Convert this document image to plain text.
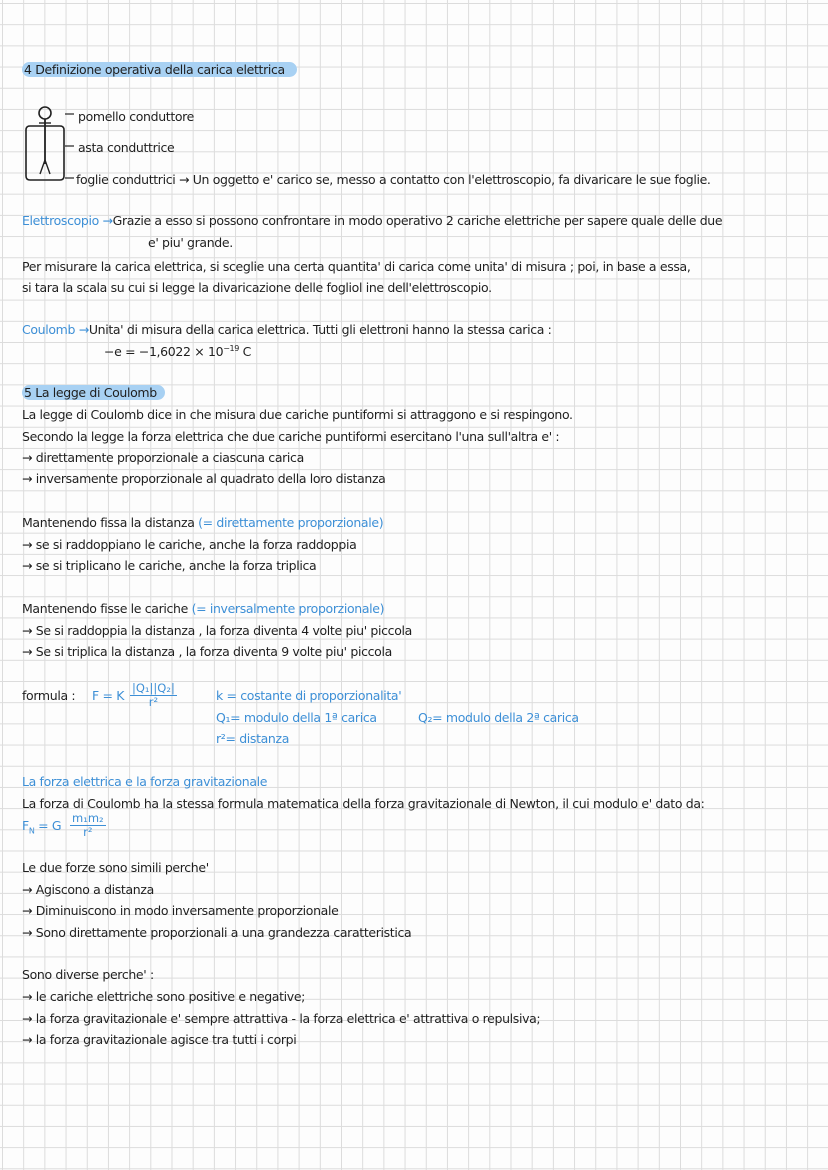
4 Definizione operativa della carica elettrica
pomello conduttore
asta conduttrice
foglie conduttrici → Un oggetto e' carico se, messo a contatto con l'elettroscopio, fa divaricare le sue foglie.
Elettroscopio →Grazie a esso si possono confrontare in modo operativo 2 cariche elettriche per sapere quale delle due
e' piu' grande.
Per misurare la carica elettrica, si sceglie una certa quantita' di carica come unita' di misura ; poi, in base a essa,
si tara la scala su cui si legge la divaricazione delle fogliol ine dell'elettroscopio.
Coulomb →Unita' di misura della carica elettrica. Tutti gli elettroni hanno la stessa carica :
$-e = -1,6022 \times 10^{-19}$ C
5 La legge di Coulomb
La legge di Coulomb dice in che misura due cariche puntiformi si attraggono e si respingono.
Secondo la legge la forza elettrica che due cariche puntiformi esercitano l'una sull'altra e' :
→ direttamente proporzionale a ciascuna carica
→ inversamente proporzionale al quadrato della loro distanza
Mantenendo fissa la distanza (= direttamente proporzionale)
→ se si raddoppiano le cariche, anche la forza raddoppia
→ se si triplicano le cariche, anche la forza triplica
Mantenendo fisse le cariche (= inversalmente proporzionale)
→ Se si raddoppia la distanza , la forza diventa 4 volte piu' piccola
→ Se si triplica la distanza , la forza diventa 9 volte piu' piccola
formula : F = K $\frac{\text{|Q₁||Q₂|}}{\text{r²}}$	k = costante di proporzionalita'
Q₁= modulo della 1ª carica	Q₂= modulo della 2ª carica
r²= distanza
La forza elettrica e la forza gravitazionale
La forza di Coulomb ha la stessa formula matematica della forza gravitazionale di Newton, il cui modulo e' dato da:
$F_N = G \frac{\text{m₁m₂}}{\text{r²}}$
Le due forze sono simili perche'
→ Agiscono a distanza
→ Diminuiscono in modo inversamente proporzionale
→ Sono direttamente proporzionali a una grandezza caratteristica
Sono diverse perche' :
→ le cariche elettriche sono positive e negative;
→ la forza gravitazionale e' sempre attrattiva - la forza elettrica e' attrattiva o repulsiva;
→ la forza gravitazionale agisce tra tutti i corpi
